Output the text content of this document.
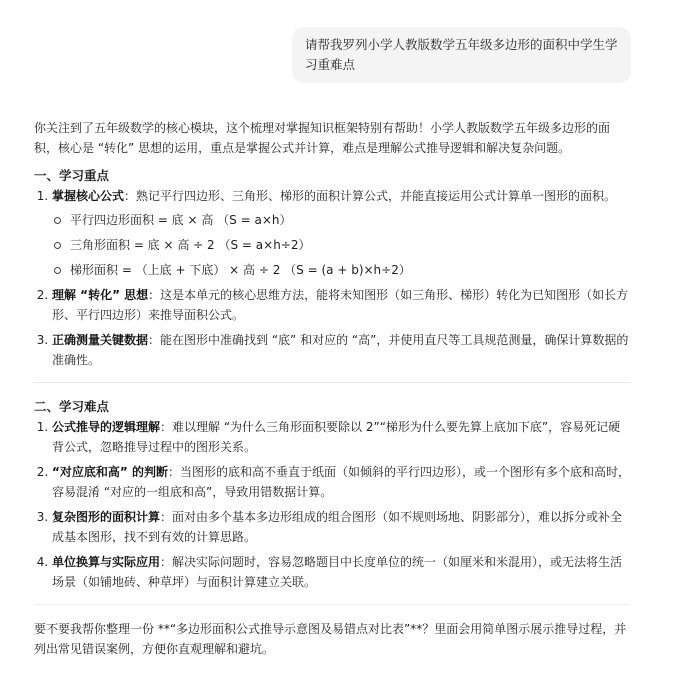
请帮我罗列小学人教版数学五年级多边形的面积中学生学习重难点

你关注到了五年级数学的核心模块，这个梳理对掌握知识框架特别有帮助！小学人教版数学五年级多边形的面积，核心是 “转化” 思想的运用，重点是掌握公式并计算，难点是理解公式推导逻辑和解决复杂问题。

一、学习重点

1. 掌握核心公式：熟记平行四边形、三角形、梯形的面积计算公式，并能直接运用公式计算单一图形的面积。
平行四边形面积 = 底 × 高 （S = a×h）
三角形面积 = 底 × 高 ÷ 2 （S = a×h÷2）
梯形面积 = （上底 + 下底） × 高 ÷ 2 （S = (a + b)×h÷2）
2. 理解 “转化” 思想：这是本单元的核心思维方法，能将未知图形（如三角形、梯形）转化为已知图形（如长方形、平行四边形）来推导面积公式。
3. 正确测量关键数据：能在图形中准确找到 “底” 和对应的 “高”，并使用直尺等工具规范测量，确保计算数据的准确性。

二、学习难点

1. 公式推导的逻辑理解：难以理解 “为什么三角形面积要除以 2”“梯形为什么要先算上底加下底”，容易死记硬背公式，忽略推导过程中的图形关系。
2. “对应底和高” 的判断：当图形的底和高不垂直于纸面（如倾斜的平行四边形），或一个图形有多个底和高时，容易混淆 “对应的一组底和高”，导致用错数据计算。
3. 复杂图形的面积计算：面对由多个基本多边形组成的组合图形（如不规则场地、阴影部分），难以拆分或补全成基本图形，找不到有效的计算思路。
4. 单位换算与实际应用：解决实际问题时，容易忽略题目中长度单位的统一（如厘米和米混用），或无法将生活场景（如铺地砖、种草坪）与面积计算建立关联。

要不要我帮你整理一份 **“多边形面积公式推导示意图及易错点对比表”**？里面会用简单图示展示推导过程，并列出常见错误案例，方便你直观理解和避坑。
